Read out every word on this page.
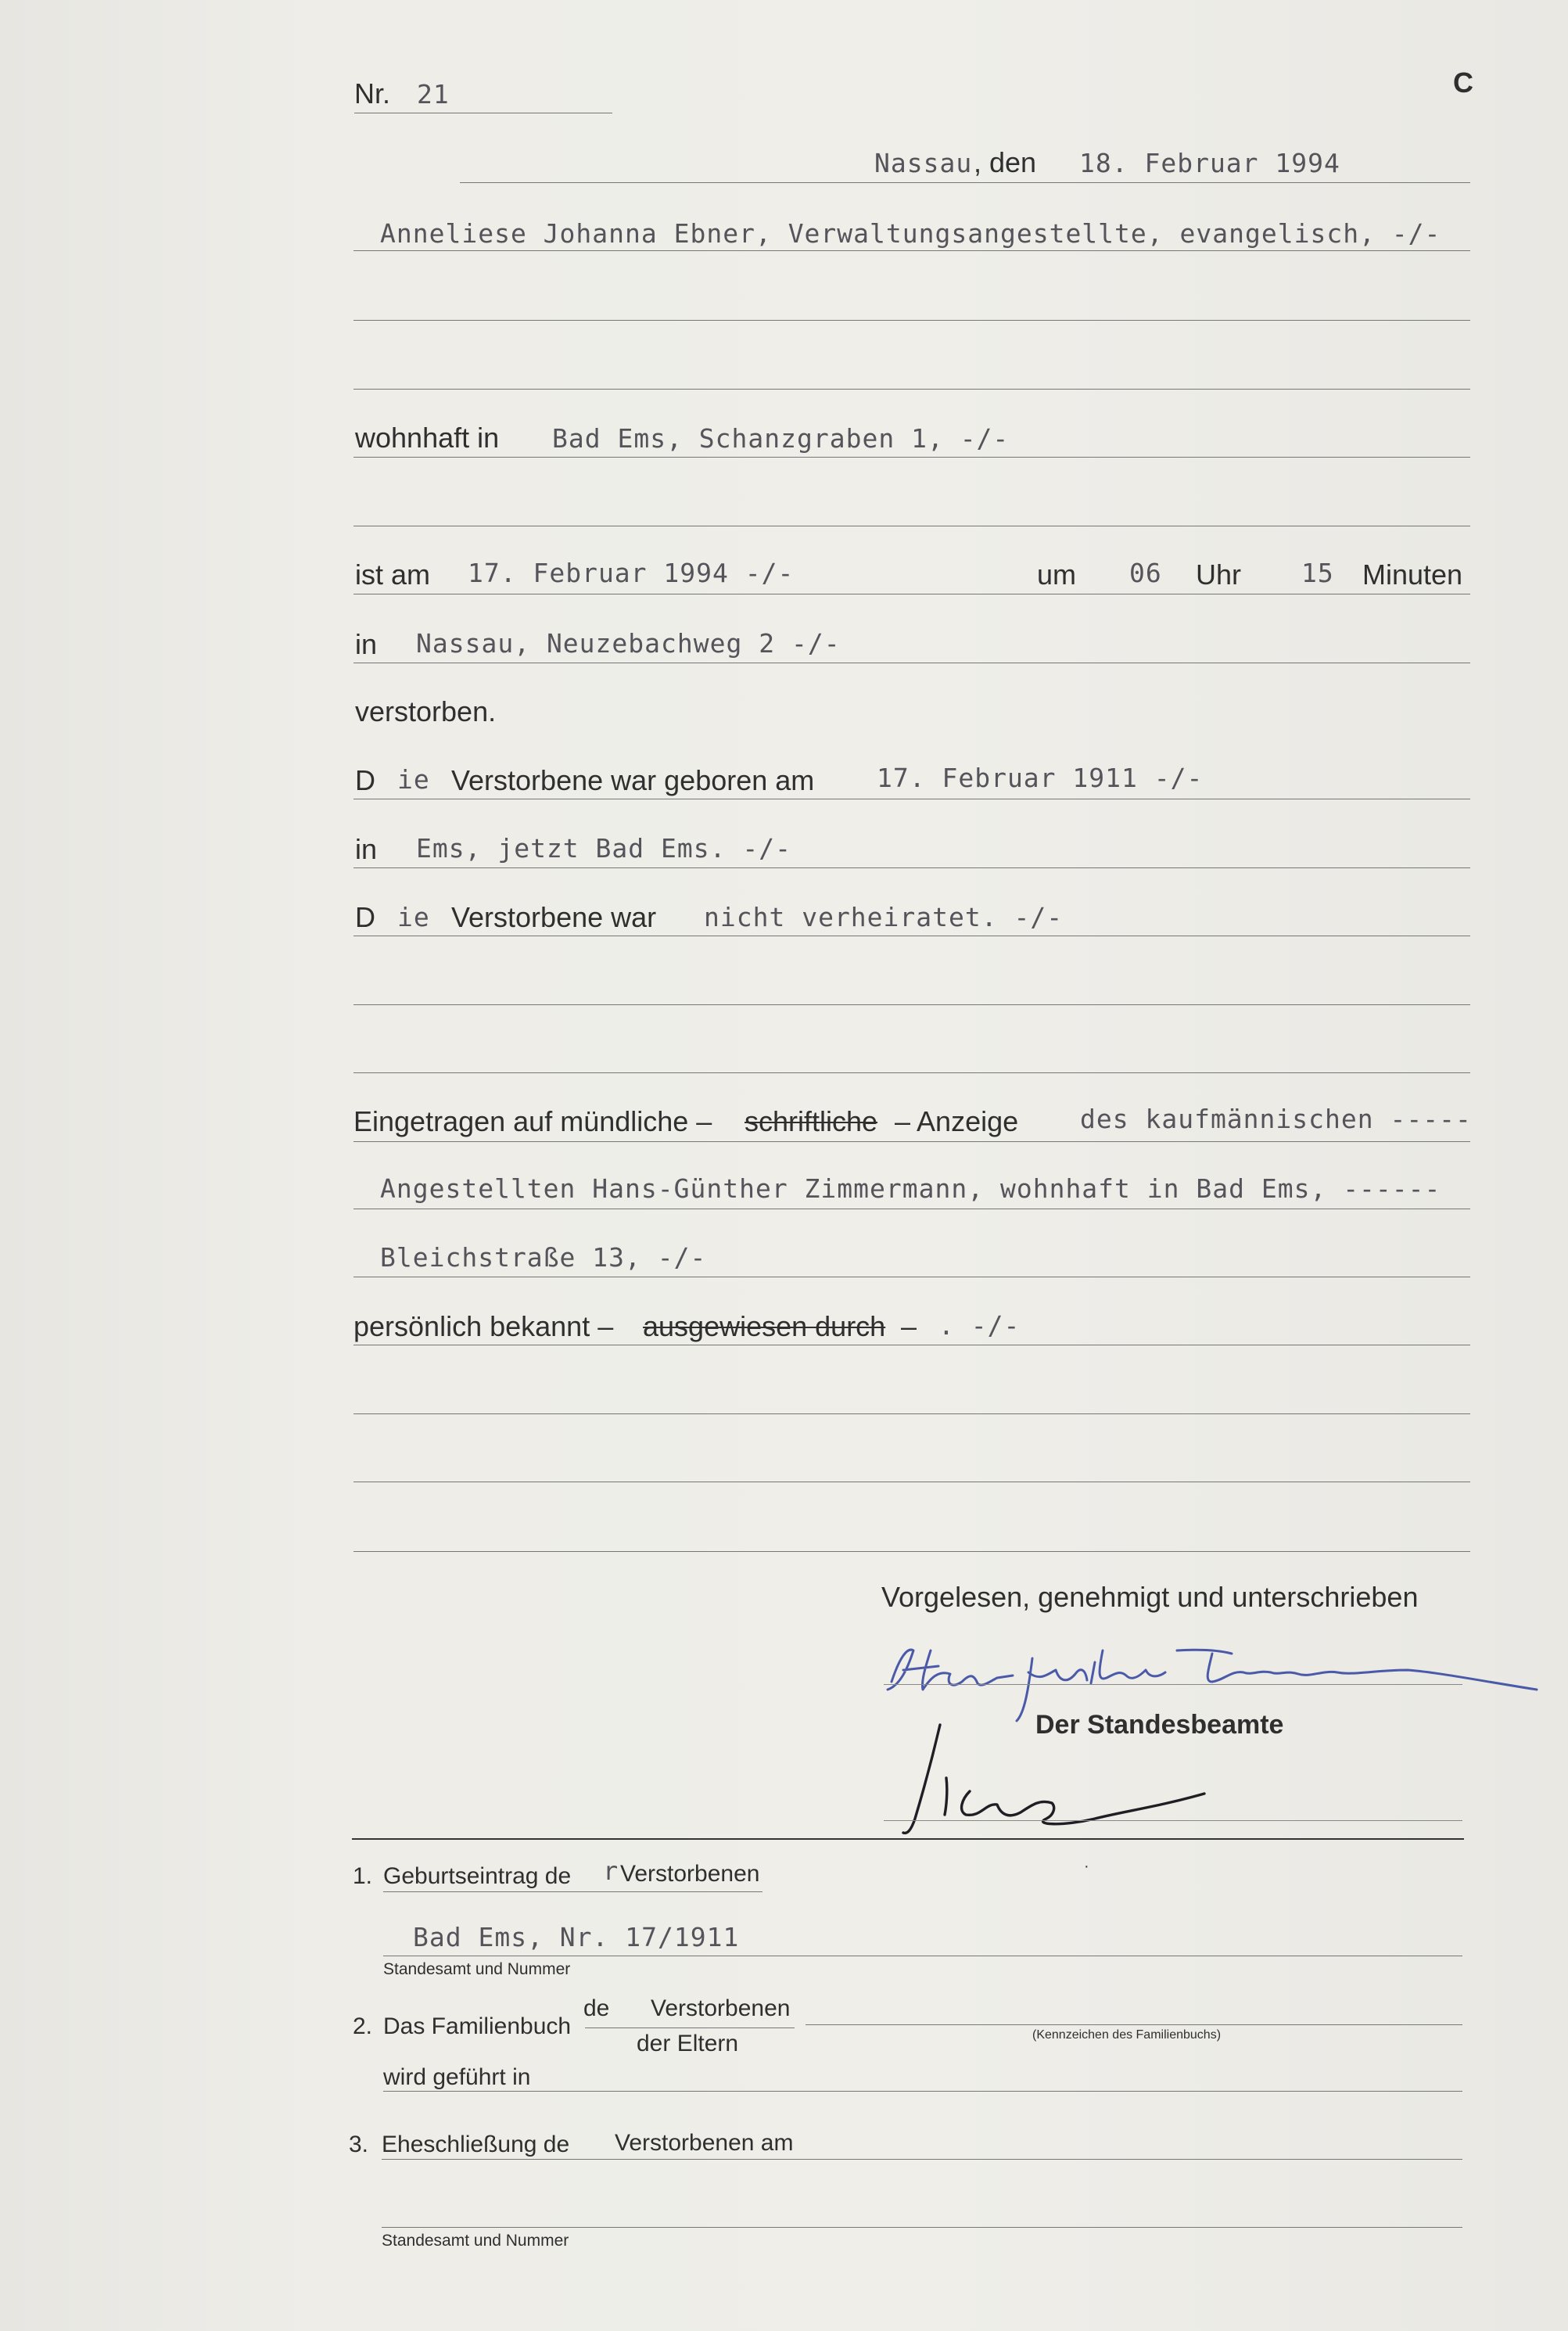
Nr. 21	C
Nassau , den 18. Februar 1994
Anneliese Johanna Ebner, Verwaltungsangestellte, evangelisch, -/-
wohnhaft in Bad Ems, Schanzgraben 1, -/-
ist am 17. Februar 1994 -/-	um 06 Uhr 15 Minuten
in Nassau, Neuzebachweg 2 -/-
verstorben.
D ie Verstorbene war geboren am 17. Februar 1911 -/-
in Ems, jetzt Bad Ems. -/-
D ie Verstorbene war nicht verheiratet. -/-
Eingetragen auf mündliche – schriftliche – Anzeige des kaufmännischen -----
Angestellten Hans-Günther Zimmermann, wohnhaft in Bad Ems, ------
Bleichstraße 13, -/-
persönlich bekannt – ausgewiesen durch – . -/-
Vorgelesen, genehmigt und unterschrieben
Der Standesbeamte
1. Geburtseintrag de r Verstorbenen	·
Bad Ems, Nr. 17/1911
Standesamt und Nummer
2. Das Familienbuch
de Verstorbenen
der Eltern	(Kennzeichen des Familienbuchs)
wird geführt in
3. Eheschließung de Verstorbenen am
Standesamt und Nummer
